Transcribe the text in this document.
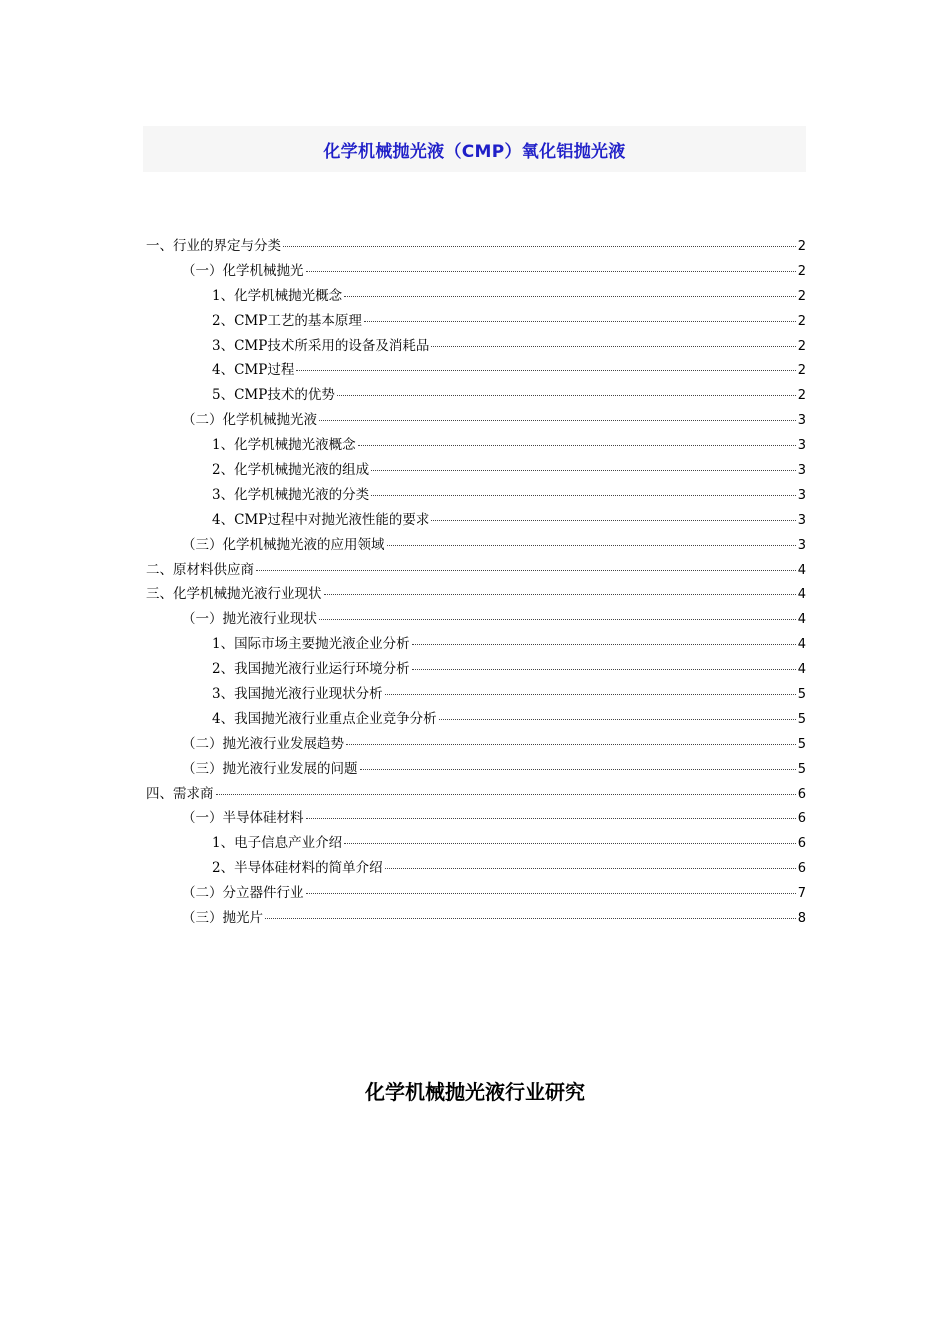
化学机械抛光液（CMP）氧化铝抛光液
一、行业的界定与分类	2
（一）化学机械抛光	2
1、化学机械抛光概念	2
2、CMP工艺的基本原理	2
3、CMP技术所采用的设备及消耗品	2
4、CMP过程	2
5、CMP技术的优势	2
（二）化学机械抛光液	3
1、化学机械抛光液概念	3
2、化学机械抛光液的组成	3
3、化学机械抛光液的分类	3
4、CMP过程中对抛光液性能的要求	3
（三）化学机械抛光液的应用领域	3
二、原材料供应商	4
三、化学机械抛光液行业现状	4
（一）抛光液行业现状	4
1、国际市场主要抛光液企业分析	4
2、我国抛光液行业运行环境分析	4
3、我国抛光液行业现状分析	5
4、我国抛光液行业重点企业竞争分析	5
（二）抛光液行业发展趋势	5
（三）抛光液行业发展的问题	5
四、需求商	6
（一）半导体硅材料	6
1、电子信息产业介绍	6
2、半导体硅材料的简单介绍	6
（二）分立器件行业	7
（三）抛光片	8
化学机械抛光液行业研究
